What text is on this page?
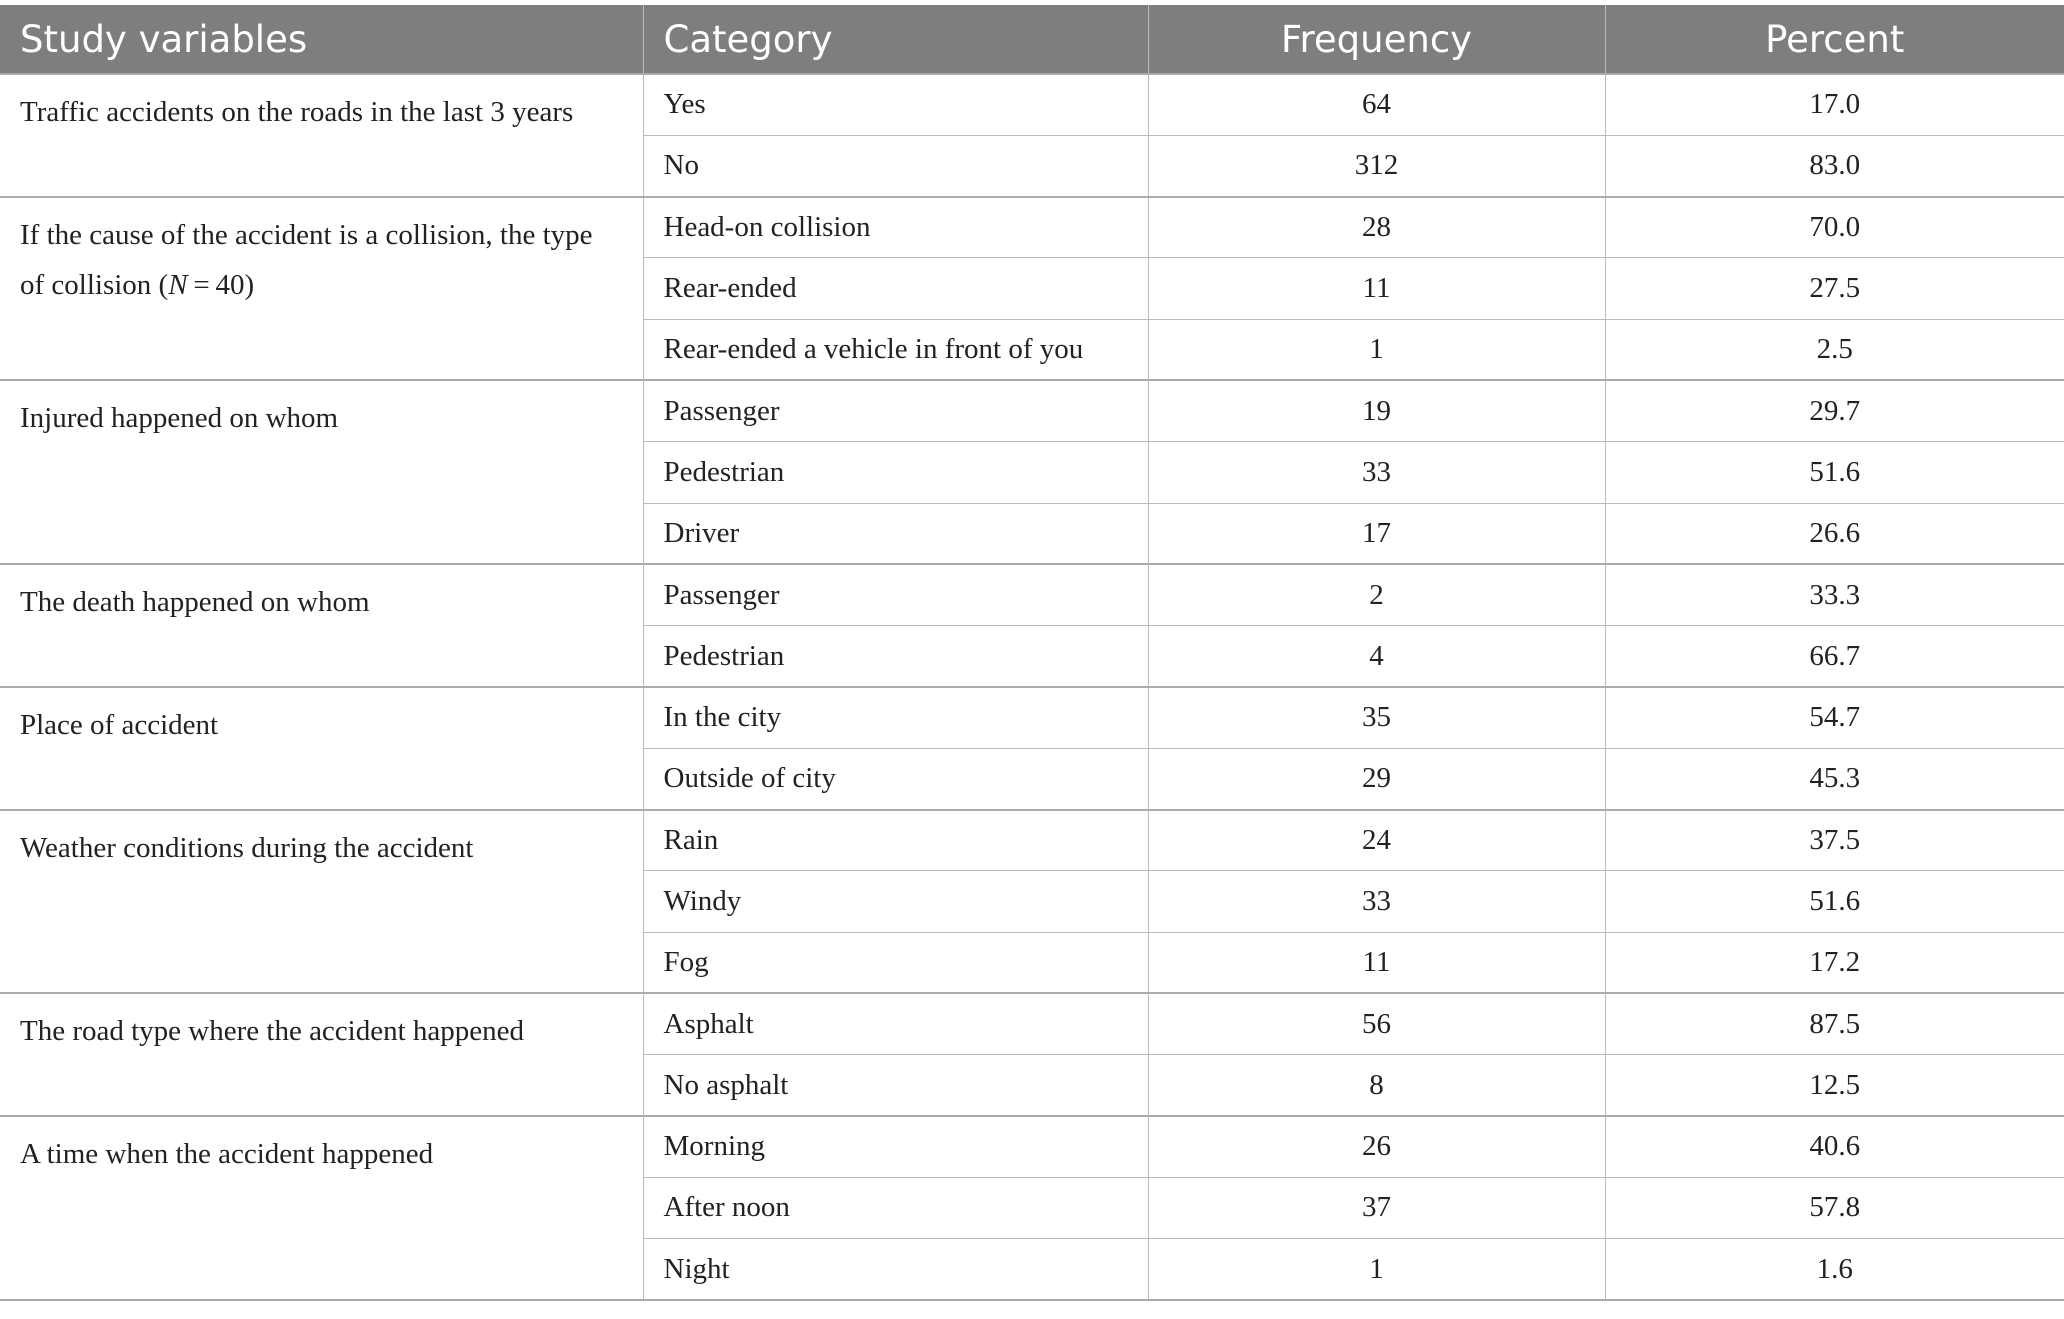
Study variables	Category	Frequency	Percent
Traffic accidents on the roads in the last 3 years	Yes	64	17.0
	No	312	83.0
If the cause of the accident is a collision, the type of collision (N = 40)	Head-on collision	28	70.0
	Rear-ended	11	27.5
	Rear-ended a vehicle in front of you	1	2.5
Injured happened on whom	Passenger	19	29.7
	Pedestrian	33	51.6
	Driver	17	26.6
The death happened on whom	Passenger	2	33.3
	Pedestrian	4	66.7
Place of accident	In the city	35	54.7
	Outside of city	29	45.3
Weather conditions during the accident	Rain	24	37.5
	Windy	33	51.6
	Fog	11	17.2
The road type where the accident happened	Asphalt	56	87.5
	No asphalt	8	12.5
A time when the accident happened	Morning	26	40.6
	After noon	37	57.8
	Night	1	1.6
